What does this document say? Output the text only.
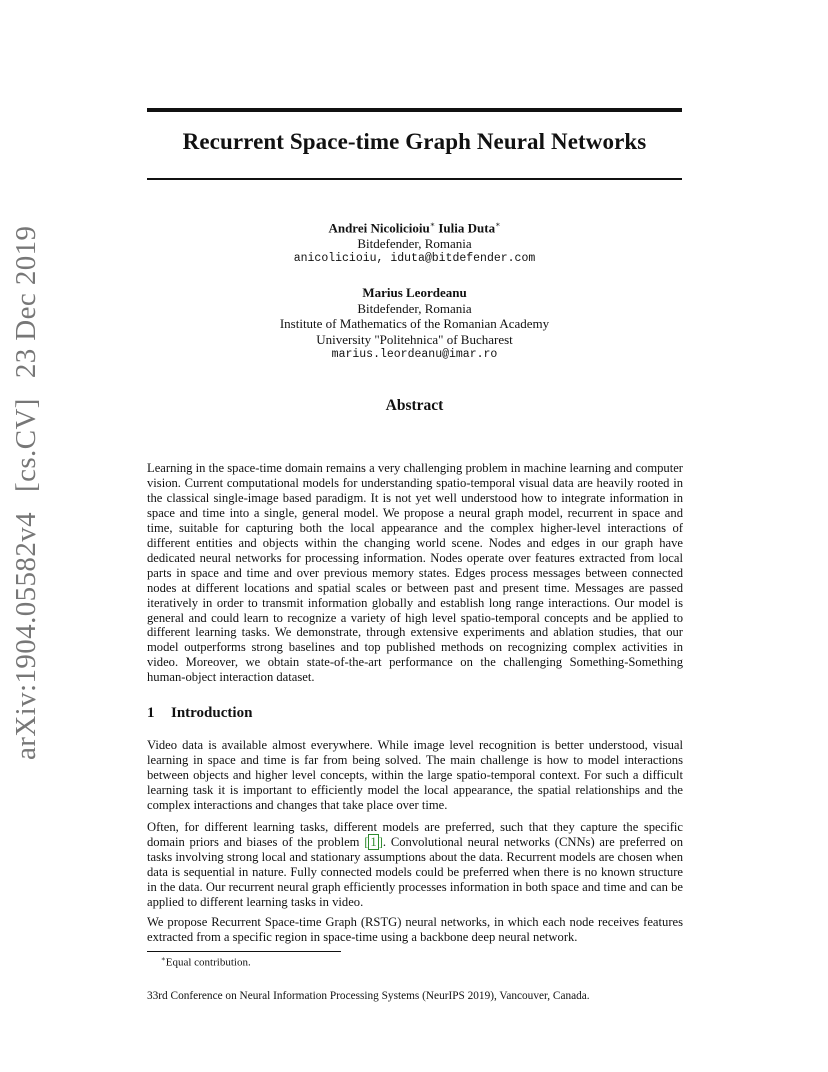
arXiv:1904.05582v4[cs.CV]23 Dec 2019
Recurrent Space-time Graph Neural Networks
Andrei Nicolicioiu∗ Iulia Duta∗
Bitdefender, Romania
anicolicioiu, iduta@bitdefender.com
Marius Leordeanu
Bitdefender, Romania
Institute of Mathematics of the Romanian Academy
University "Politehnica" of Bucharest
marius.leordeanu@imar.ro
Abstract

Learning in the space-time domain remains a very challenging problem in machine learning and computer vision. Current computational models for understanding spatio-temporal visual data are heavily rooted in the classical single-image based paradigm. It is not yet well understood how to integrate information in space and time into a single, general model. We propose a neural graph model, recurrent in space and time, suitable for capturing both the local appearance and the complex higher-level interactions of different entities and objects within the changing world scene. Nodes and edges in our graph have dedicated neural networks for processing information. Nodes operate over features extracted from local parts in space and time and over previous memory states. Edges process messages between connected nodes at different locations and spatial scales or between past and present time. Messages are passed iteratively in order to transmit information globally and establish long range interactions. Our model is general and could learn to recognize a variety of high level spatio-temporal concepts and be applied to different learning tasks. We demonstrate, through extensive experiments and ablation studies, that our model outperforms strong baselines and top published methods on recognizing complex activities in video. Moreover, we obtain state-of-the-art performance on the challenging Something-Something human-object interaction dataset.

1 Introduction

Video data is available almost everywhere. While image level recognition is better understood, visual learning in space and time is far from being solved. The main challenge is how to model interactions between objects and higher level concepts, within the large spatio-temporal context. For such a difficult learning task it is important to efficiently model the local appearance, the spatial relationships and the complex interactions and changes that take place over time.

Often, for different learning tasks, different models are preferred, such that they capture the specific domain priors and biases of the problem [ 1 ]. Convolutional neural networks (CNNs) are preferred on tasks involving strong local and stationary assumptions about the data. Recurrent models are chosen when data is sequential in nature. Fully connected models could be preferred when there is no known structure in the data. Our recurrent neural graph efficiently processes information in both space and time and can be applied to different learning tasks in video.

We propose Recurrent Space-time Graph (RSTG) neural networks, in which each node receives features extracted from a specific region in space-time using a backbone deep neural network.

∗Equal contribution.

33rd Conference on Neural Information Processing Systems (NeurIPS 2019), Vancouver, Canada.
